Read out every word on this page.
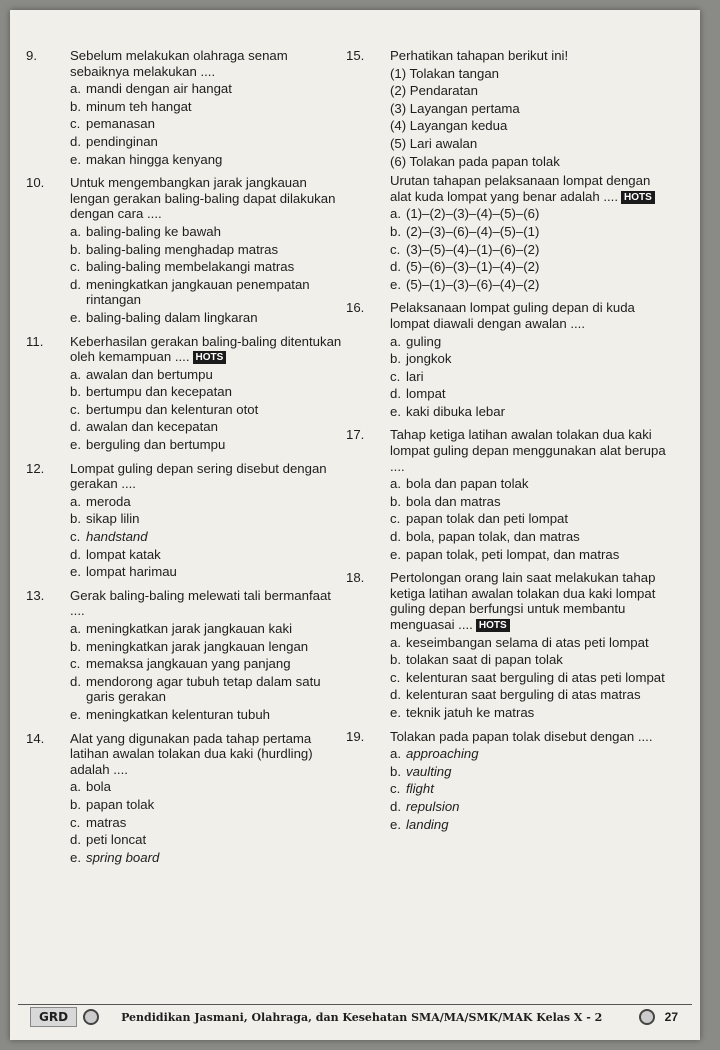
9.	Sebelum melakukan olahraga senam sebaiknya melakukan ....
a. mandi dengan air hangat
b. minum teh hangat
c. pemanasan
d. pendinginan
e. makan hingga kenyang
10.	Untuk mengembangkan jarak jangkauan lengan gerakan baling-baling dapat dilakukan dengan cara ....
a. baling-baling ke bawah
b. baling-baling menghadap matras
c. baling-baling membelakangi matras
d. meningkatkan jangkauan penempatan rintangan
e. baling-baling dalam lingkaran
11.	Keberhasilan gerakan baling-baling ditentukan oleh kemampuan .... HOTS
a. awalan dan bertumpu
b. bertumpu dan kecepatan
c. bertumpu dan kelenturan otot
d. awalan dan kecepatan
e. berguling dan bertumpu
12.	Lompat guling depan sering disebut dengan gerakan ....
a. meroda
b. sikap lilin
c. handstand
d. lompat katak
e. lompat harimau
13.	Gerak baling-baling melewati tali bermanfaat ....
a. meningkatkan jarak jangkauan kaki
b. meningkatkan jarak jangkauan lengan
c. memaksa jangkauan yang panjang
d. mendorong agar tubuh tetap dalam satu garis gerakan
e. meningkatkan kelenturan tubuh
14.	Alat yang digunakan pada tahap pertama latihan awalan tolakan dua kaki (hurdling) adalah ....
a. bola
b. papan tolak
c. matras
d. peti loncat
e. spring board
15.	Perhatikan tahapan berikut ini!
(1) Tolakan tangan
(2) Pendaratan
(3) Layangan pertama
(4) Layangan kedua
(5) Lari awalan
(6) Tolakan pada papan tolak
Urutan tahapan pelaksanaan lompat dengan alat kuda lompat yang benar adalah .... HOTS
a. (1)–(2)–(3)–(4)–(5)–(6)
b. (2)–(3)–(6)–(4)–(5)–(1)
c. (3)–(5)–(4)–(1)–(6)–(2)
d. (5)–(6)–(3)–(1)–(4)–(2)
e. (5)–(1)–(3)–(6)–(4)–(2)
16.	Pelaksanaan lompat guling depan di kuda lompat diawali dengan awalan ....
a. guling
b. jongkok
c. lari
d. lompat
e. kaki dibuka lebar
17.	Tahap ketiga latihan awalan tolakan dua kaki lompat guling depan menggunakan alat berupa ....
a. bola dan papan tolak
b. bola dan matras
c. papan tolak dan peti lompat
d. bola, papan tolak, dan matras
e. papan tolak, peti lompat, dan matras
18.	Pertolongan orang lain saat melakukan tahap ketiga latihan awalan tolakan dua kaki lompat guling depan berfungsi untuk membantu menguasai .... HOTS
a. keseimbangan selama di atas peti lompat
b. tolakan saat di papan tolak
c. kelenturan saat berguling di atas peti lompat
d. kelenturan saat berguling di atas matras
e. teknik jatuh ke matras
19.	Tolakan pada papan tolak disebut dengan ....
a. approaching
b. vaulting
c. flight
d. repulsion
e. landing
GRD	Pendidikan Jasmani, Olahraga, dan Kesehatan SMA/MA/SMK/MAK Kelas X - 2	27
